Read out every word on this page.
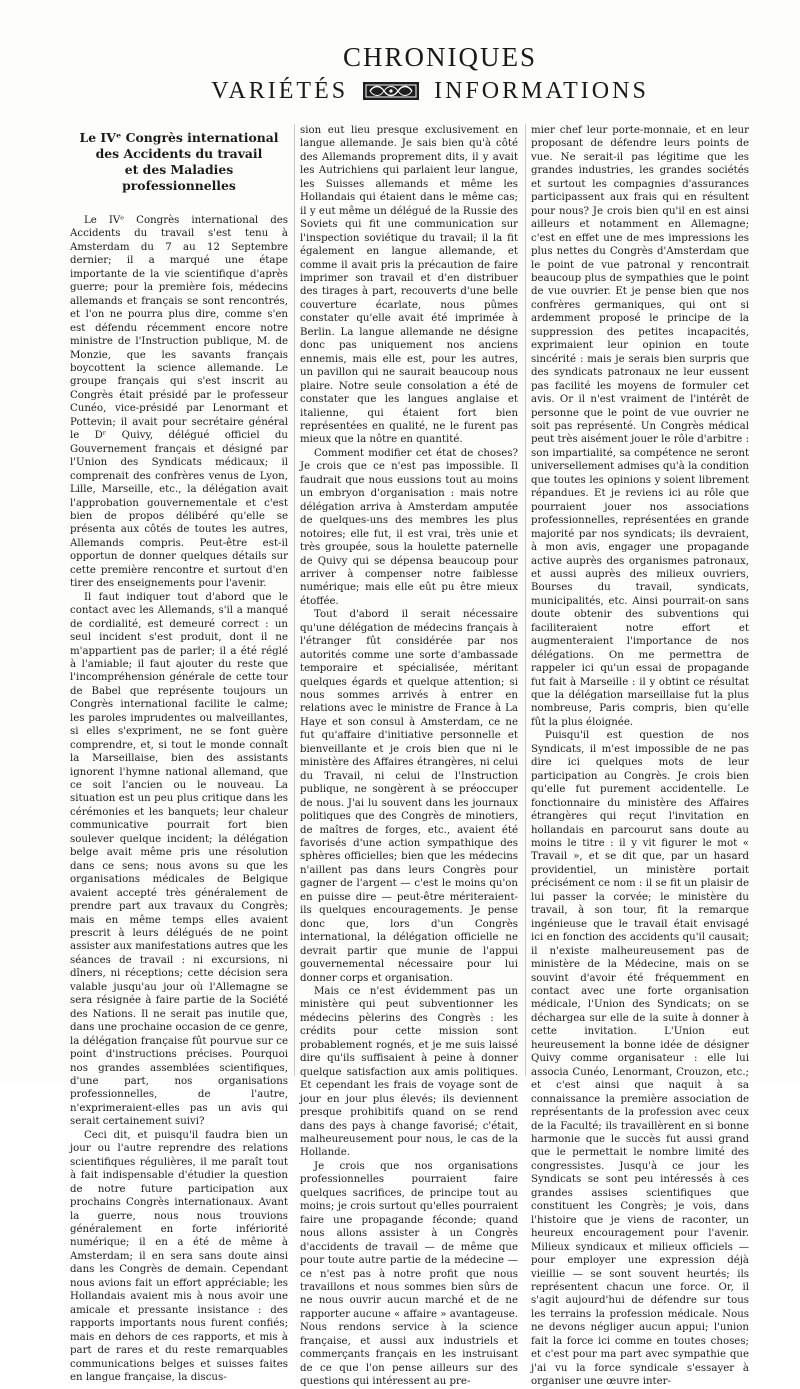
CHRONIQUES
VARIÉTÉS	INFORMATIONS
Le IVᵉ Congrès international
des Accidents du travail
et des Maladies professionnelles

Le IVᵉ Congrès international des Accidents du travail s'est tenu à Amsterdam du 7 au 12 Septembre dernier; il a marqué une étape importante de la vie scientifique d'après guerre; pour la première fois, médecins allemands et français se sont rencontrés, et l'on ne pourra plus dire, comme s'en est défendu récemment encore notre ministre de l'Instruction publique, M. de Monzie, que les savants français boycottent la science allemande. Le groupe français qui s'est inscrit au Congrès était présidé par le professeur Cunéo, vice-présidé par Lenormant et Pottevin; il avait pour secrétaire général le Dʳ Quivy, délégué officiel du Gouvernement français et désigné par l'Union des Syndicats médicaux; il comprenait des confrères venus de Lyon, Lille, Marseille, etc., la délégation avait l'approbation gouvernementale et c'est bien de propos délibéré qu'elle se présenta aux côtés de toutes les autres, Allemands compris. Peut-être est-il opportun de donner quelques détails sur cette première rencontre et surtout d'en tirer des enseignements pour l'avenir.

Il faut indiquer tout d'abord que le contact avec les Allemands, s'il a manqué de cordialité, est demeuré correct : un seul incident s'est produit, dont il ne m'appartient pas de parler; il a été réglé à l'amiable; il faut ajouter du reste que l'incompréhension générale de cette tour de Babel que représente toujours un Congrès international facilite le calme; les paroles imprudentes ou malveillantes, si elles s'expriment, ne se font guère comprendre, et, si tout le monde connaît la Marseillaise, bien des assistants ignorent l'hymne national allemand, que ce soit l'ancien ou le nouveau. La situation est un peu plus critique dans les cérémonies et les banquets; leur chaleur communicative pourrait fort bien soulever quelque incident; la délégation belge avait même pris une résolution dans ce sens; nous avons su que les organisations médicales de Belgique avaient accepté très généralement de prendre part aux travaux du Congrès; mais en même temps elles avaient prescrit à leurs délégués de ne point assister aux manifestations autres que les séances de travail : ni excursions, ni dîners, ni réceptions; cette décision sera valable jusqu'au jour où l'Allemagne se sera résignée à faire partie de la Société des Nations. Il ne serait pas inutile que, dans une prochaine occasion de ce genre, la délégation française fût pourvue sur ce point d'instructions précises. Pourquoi nos grandes assemblées scientifiques, d'une part, nos organisations professionnelles, de l'autre, n'exprimeraient-elles pas un avis qui serait certainement suivi?

Ceci dit, et puisqu'il faudra bien un jour ou l'autre reprendre des relations scientifiques régulières, il me paraît tout à fait indispensable d'étudier la question de notre future participation aux prochains Congrès internationaux. Avant la guerre, nous nous trouvions généralement en forte infériorité numérique; il en a été de même à Amsterdam; il en sera sans doute ainsi dans les Congrès de demain. Cependant nous avions fait un effort appréciable; les Hollandais avaient mis à nous avoir une amicale et pressante insistance : des rapports importants nous furent confiés; mais en dehors de ces rapports, et mis à part de rares et du reste remarquables communications belges et suisses faites en langue française, la discus-

sion eut lieu presque exclusivement en langue allemande. Je sais bien qu'à côté des Allemands proprement dits, il y avait les Autrichiens qui parlaient leur langue, les Suisses allemands et même les Hollandais qui étaient dans le même cas; il y eut même un délégué de la Russie des Soviets qui fit une communication sur l'inspection soviétique du travail; il la fit également en langue allemande, et comme il avait pris la précaution de faire imprimer son travail et d'en distribuer des tirages à part, recouverts d'une belle couverture écarlate, nous pûmes constater qu'elle avait été imprimée à Berlin. La langue allemande ne désigne donc pas uniquement nos anciens ennemis, mais elle est, pour les autres, un pavillon qui ne saurait beaucoup nous plaire. Notre seule consolation a été de constater que les langues anglaise et italienne, qui étaient fort bien représentées en qualité, ne le furent pas mieux que la nôtre en quantité.

Comment modifier cet état de choses? Je crois que ce n'est pas impossible. Il faudrait que nous eussions tout au moins un embryon d'organisation : mais notre délégation arriva à Amsterdam amputée de quelques-uns des membres les plus notoires; elle fut, il est vrai, très unie et très groupée, sous la houlette paternelle de Quivy qui se dépensa beaucoup pour arriver à compenser notre faiblesse numérique; mais elle eût pu être mieux étoffée.

Tout d'abord il serait nécessaire qu'une délégation de médecins français à l'étranger fût considérée par nos autorités comme une sorte d'ambassade temporaire et spécialisée, méritant quelques égards et quelque attention; si nous sommes arrivés à entrer en relations avec le ministre de France à La Haye et son consul à Amsterdam, ce ne fut qu'affaire d'initiative personnelle et bienveillante et je crois bien que ni le ministère des Affaires étrangères, ni celui du Travail, ni celui de l'Instruction publique, ne songèrent à se préoccuper de nous. J'ai lu souvent dans les journaux politiques que des Congrès de minotiers, de maîtres de forges, etc., avaient été favorisés d'une action sympathique des sphères officielles; bien que les médecins n'aillent pas dans leurs Congrès pour gagner de l'argent — c'est le moins qu'on en puisse dire — peut-être mériteraient-ils quelques encouragements. Je pense donc que, lors d'un Congrès international, la délégation officielle ne devrait partir que munie de l'appui gouvernemental nécessaire pour lui donner corps et organisation.

Mais ce n'est évidemment pas un ministère qui peut subventionner les médecins pèlerins des Congrès : les crédits pour cette mission sont probablement rognés, et je me suis laissé dire qu'ils suffisaient à peine à donner quelque satisfaction aux amis politiques. Et cependant les frais de voyage sont de jour en jour plus élevés; ils deviennent presque prohibitifs quand on se rend dans des pays à change favorisé; c'était, malheureusement pour nous, le cas de la Hollande.

Je crois que nos organisations professionnelles pourraient faire quelques sacrifices, de principe tout au moins; je crois surtout qu'elles pourraient faire une propagande féconde; quand nous allons assister à un Congrès d'accidents de travail — de même que pour toute autre partie de la médecine — ce n'est pas à notre profit que nous travaillons et nous sommes bien sûrs de ne nous ouvrir aucun marché et de ne rapporter aucune « affaire » avantageuse. Nous rendons service à la science française, et aussi aux industriels et commerçants français en les instruisant de ce que l'on pense ailleurs sur des questions qui intéressent au pre-

mier chef leur porte-monnaie, et en leur proposant de défendre leurs points de vue. Ne serait-il pas légitime que les grandes industries, les grandes sociétés et surtout les compagnies d'assurances participassent aux frais qui en résultent pour nous? Je crois bien qu'il en est ainsi ailleurs et notamment en Allemagne; c'est en effet une de mes impressions les plus nettes du Congrès d'Amsterdam que le point de vue patronal y rencontrait beaucoup plus de sympathies que le point de vue ouvrier. Et je pense bien que nos confrères germaniques, qui ont si ardemment proposé le principe de la suppression des petites incapacités, exprimaient leur opinion en toute sincérité : mais je serais bien surpris que des syndicats patronaux ne leur eussent pas facilité les moyens de formuler cet avis. Or il n'est vraiment de l'intérêt de personne que le point de vue ouvrier ne soit pas représenté. Un Congrès médical peut très aisément jouer le rôle d'arbitre : son impartialité, sa compétence ne seront universellement admises qu'à la condition que toutes les opinions y soient librement répandues. Et je reviens ici au rôle que pourraient jouer nos associations professionnelles, représentées en grande majorité par nos syndicats; ils devraient, à mon avis, engager une propagande active auprès des organismes patronaux, et aussi auprès des milieux ouvriers, Bourses du travail, syndicats, municipalités, etc. Ainsi pourrait-on sans doute obtenir des subventions qui faciliteraient notre effort et augmenteraient l'importance de nos délégations. On me permettra de rappeler ici qu'un essai de propagande fut fait à Marseille : il y obtint ce résultat que la délégation marseillaise fut la plus nombreuse, Paris compris, bien qu'elle fût la plus éloignée.

Puisqu'il est question de nos Syndicats, il m'est impossible de ne pas dire ici quelques mots de leur participation au Congrès. Je crois bien qu'elle fut purement accidentelle. Le fonctionnaire du ministère des Affaires étrangères qui reçut l'invitation en hollandais en parcourut sans doute au moins le titre : il y vit figurer le mot « Travail », et se dit que, par un hasard providentiel, un ministère portait précisément ce nom : il se fit un plaisir de lui passer la corvée; le ministère du travail, à son tour, fit la remarque ingénieuse que le travail était envisagé ici en fonction des accidents qu'il causait; il n'existe malheureusement pas de ministère de la Médecine, mais on se souvint d'avoir été fréquemment en contact avec une forte organisation médicale, l'Union des Syndicats; on se déchargea sur elle de la suite à donner à cette invitation. L'Union eut heureusement la bonne idée de désigner Quivy comme organisateur : elle lui associa Cunéo, Lenormant, Crouzon, etc.; et c'est ainsi que naquit à sa connaissance la première association de représentants de la profession avec ceux de la Faculté; ils travaillèrent en si bonne harmonie que le succès fut aussi grand que le permettait le nombre limité des congressistes. Jusqu'à ce jour les Syndicats se sont peu intéressés à ces grandes assises scientifiques que constituent les Congrès; je vois, dans l'histoire que je viens de raconter, un heureux encouragement pour l'avenir. Milieux syndicaux et milieux officiels — pour employer une expression déjà vieillie — se sont souvent heurtés; ils représentent chacun une force. Or, il s'agit aujourd'hui de défendre sur tous les terrains la profession médicale. Nous ne devons négliger aucun appui; l'union fait la force ici comme en toutes choses; et c'est pour ma part avec sympathie que j'ai vu la force syndicale s'essayer à organiser une œuvre inter-
